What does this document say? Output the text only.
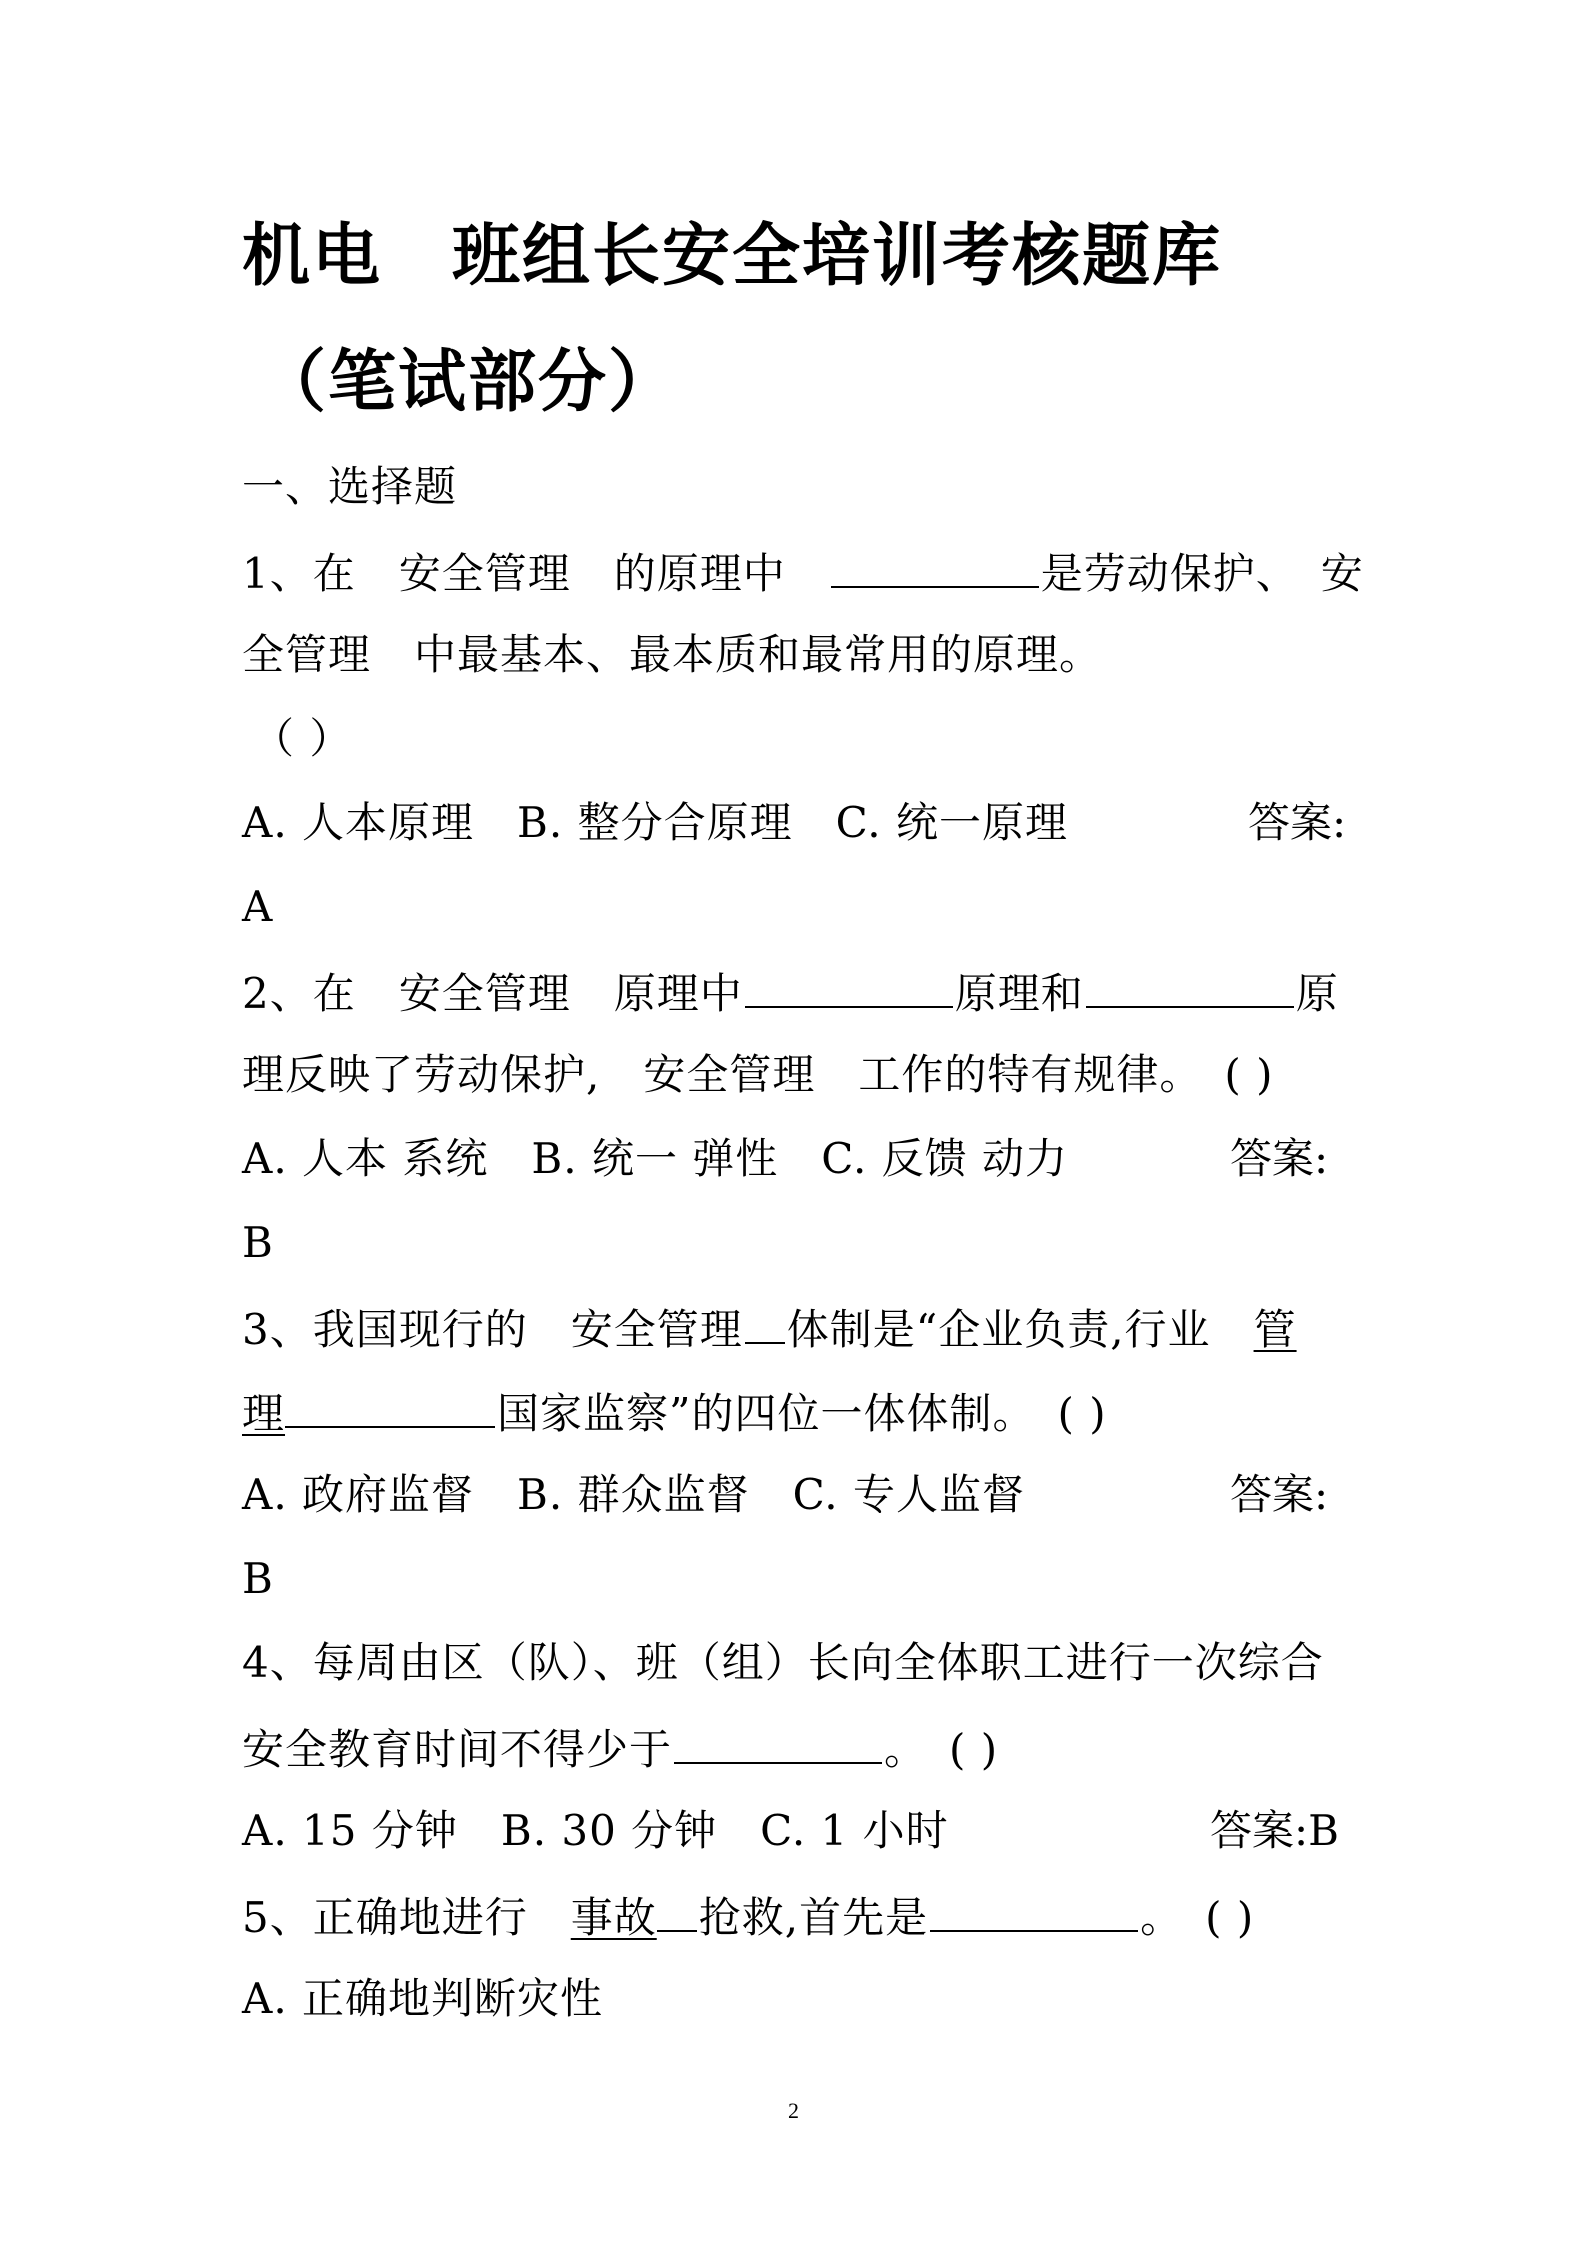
机电　班组长安全培训考核题库
（笔试部分）
一、选择题
1、在　安全管理　的原理中　	是劳动保护、　安
全管理　中最基本、最本质和最常用的原理。
（ ）
A. 人本原理　B. 整分合原理　C. 统一原理	答案:
A
2、在　安全管理　原理中	原理和	原
理反映了劳动保护,　安全管理　工作的特有规律。　( )
A. 人本 系统　B. 统一 弹性　C. 反馈 动力	答案:
B
3、我国现行的　安全管理 体制是“企业负责,行业　管
理	国家监察”的四位一体体制。　( )
A. 政府监督　B. 群众监督　C. 专人监督	答案:
B
4、每周由区（队）、班（组）长向全体职工进行一次综合
安全教育时间不得少于	。　( )
A. 15 分钟　B. 30 分钟　C. 1 小时	答案:B
5、正确地进行　事故 抢救,首先是	。　( )
A. 正确地判断灾性
2
